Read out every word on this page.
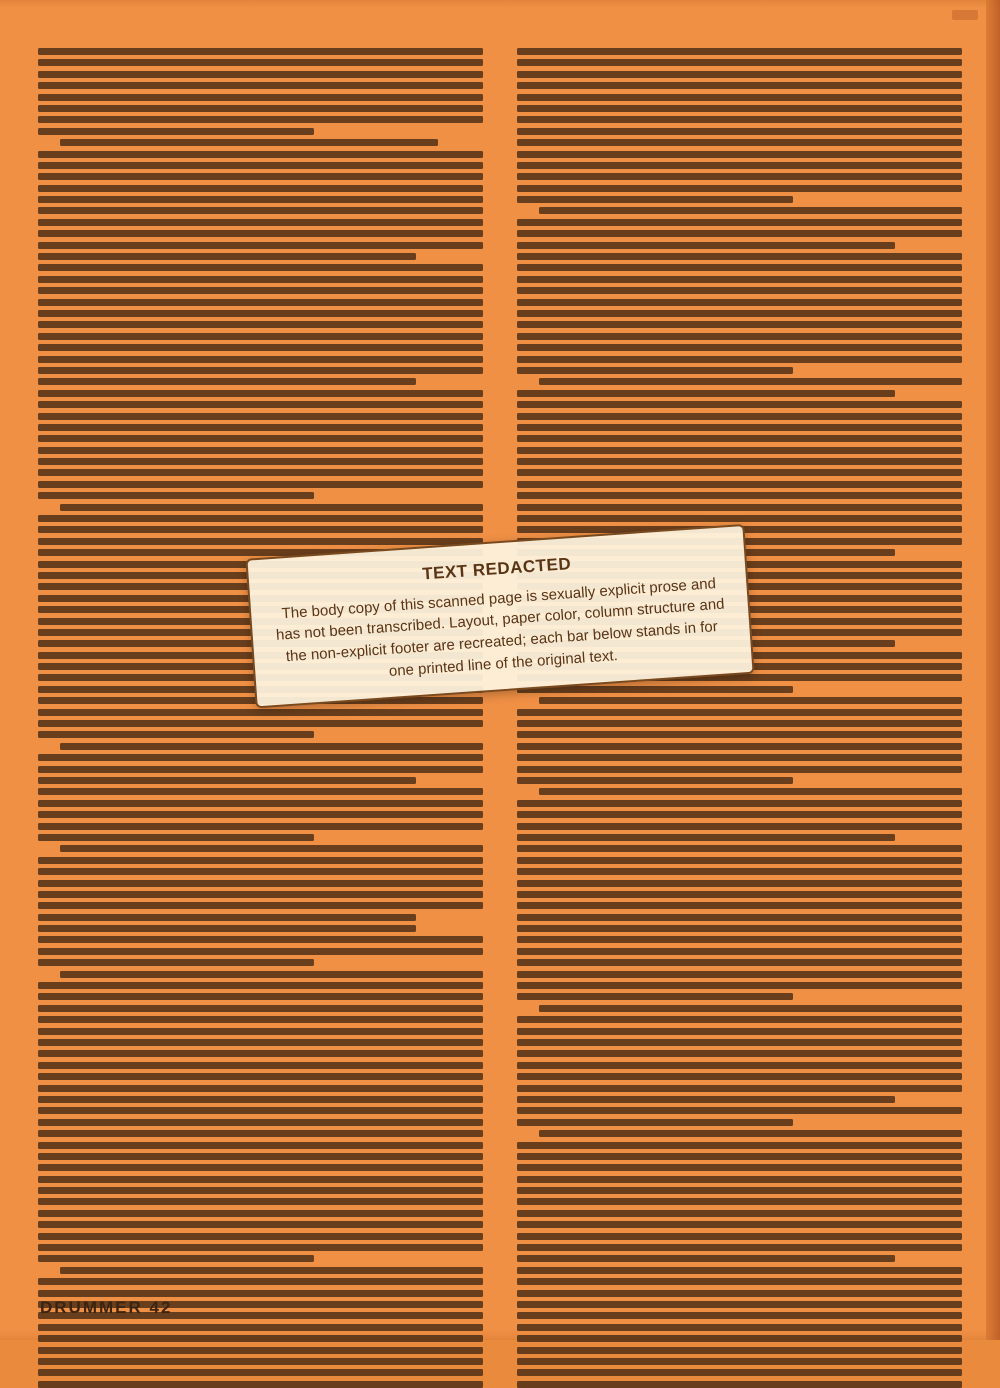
TEXT REDACTED
The body copy of this scanned page is sexually explicit prose and has not been transcribed. Layout, paper color, column structure and the non-explicit footer are recreated; each bar below stands in for one printed line of the original text.
DRUMMER 42
